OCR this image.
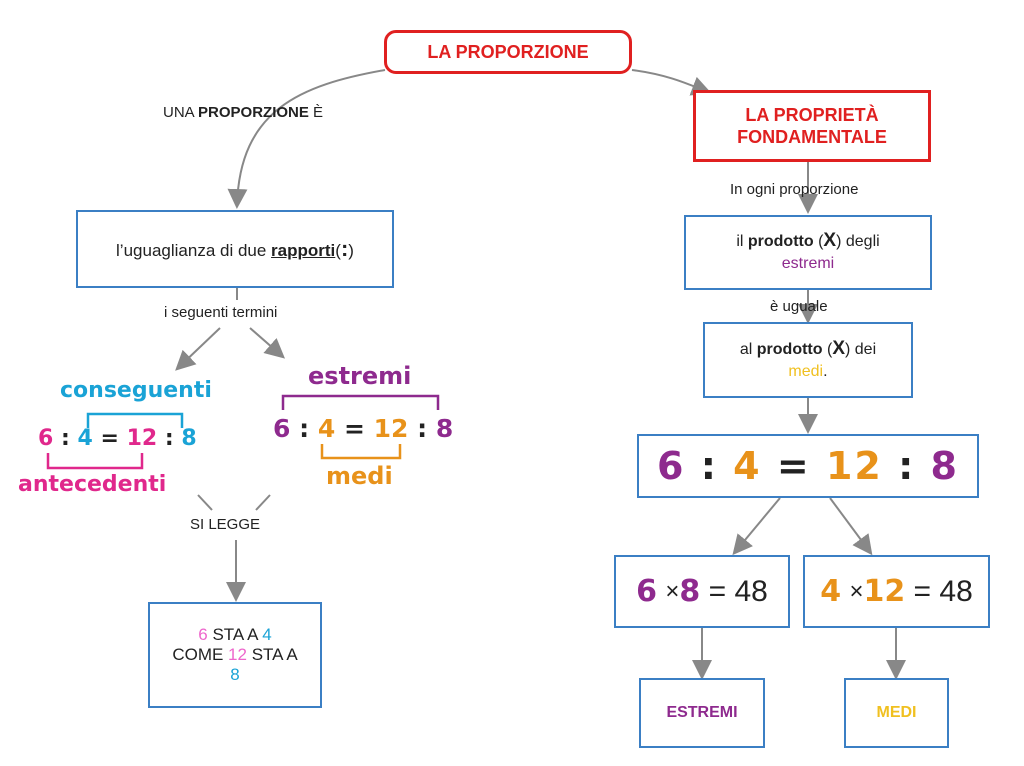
LA PROPORZIONE
UNA PROPORZIONE È
l’uguaglianza di due rapporti(:)
i seguenti termini
conseguenti
6 : 4 = 12 : 8
antecedenti
estremi
6 : 4 = 12 : 8
medi
SI LEGGE
6 STA A 4
COME 12 STA A
8
LA PROPRIETÀ
FONDAMENTALE
In ogni proporzione
il prodotto (X) degli
estremi
è uguale
al prodotto (X) dei
medi.
6
:
4
=
12
:
8
6
× 8
= 48 4
× 12
= 48
ESTREMI	MEDI
